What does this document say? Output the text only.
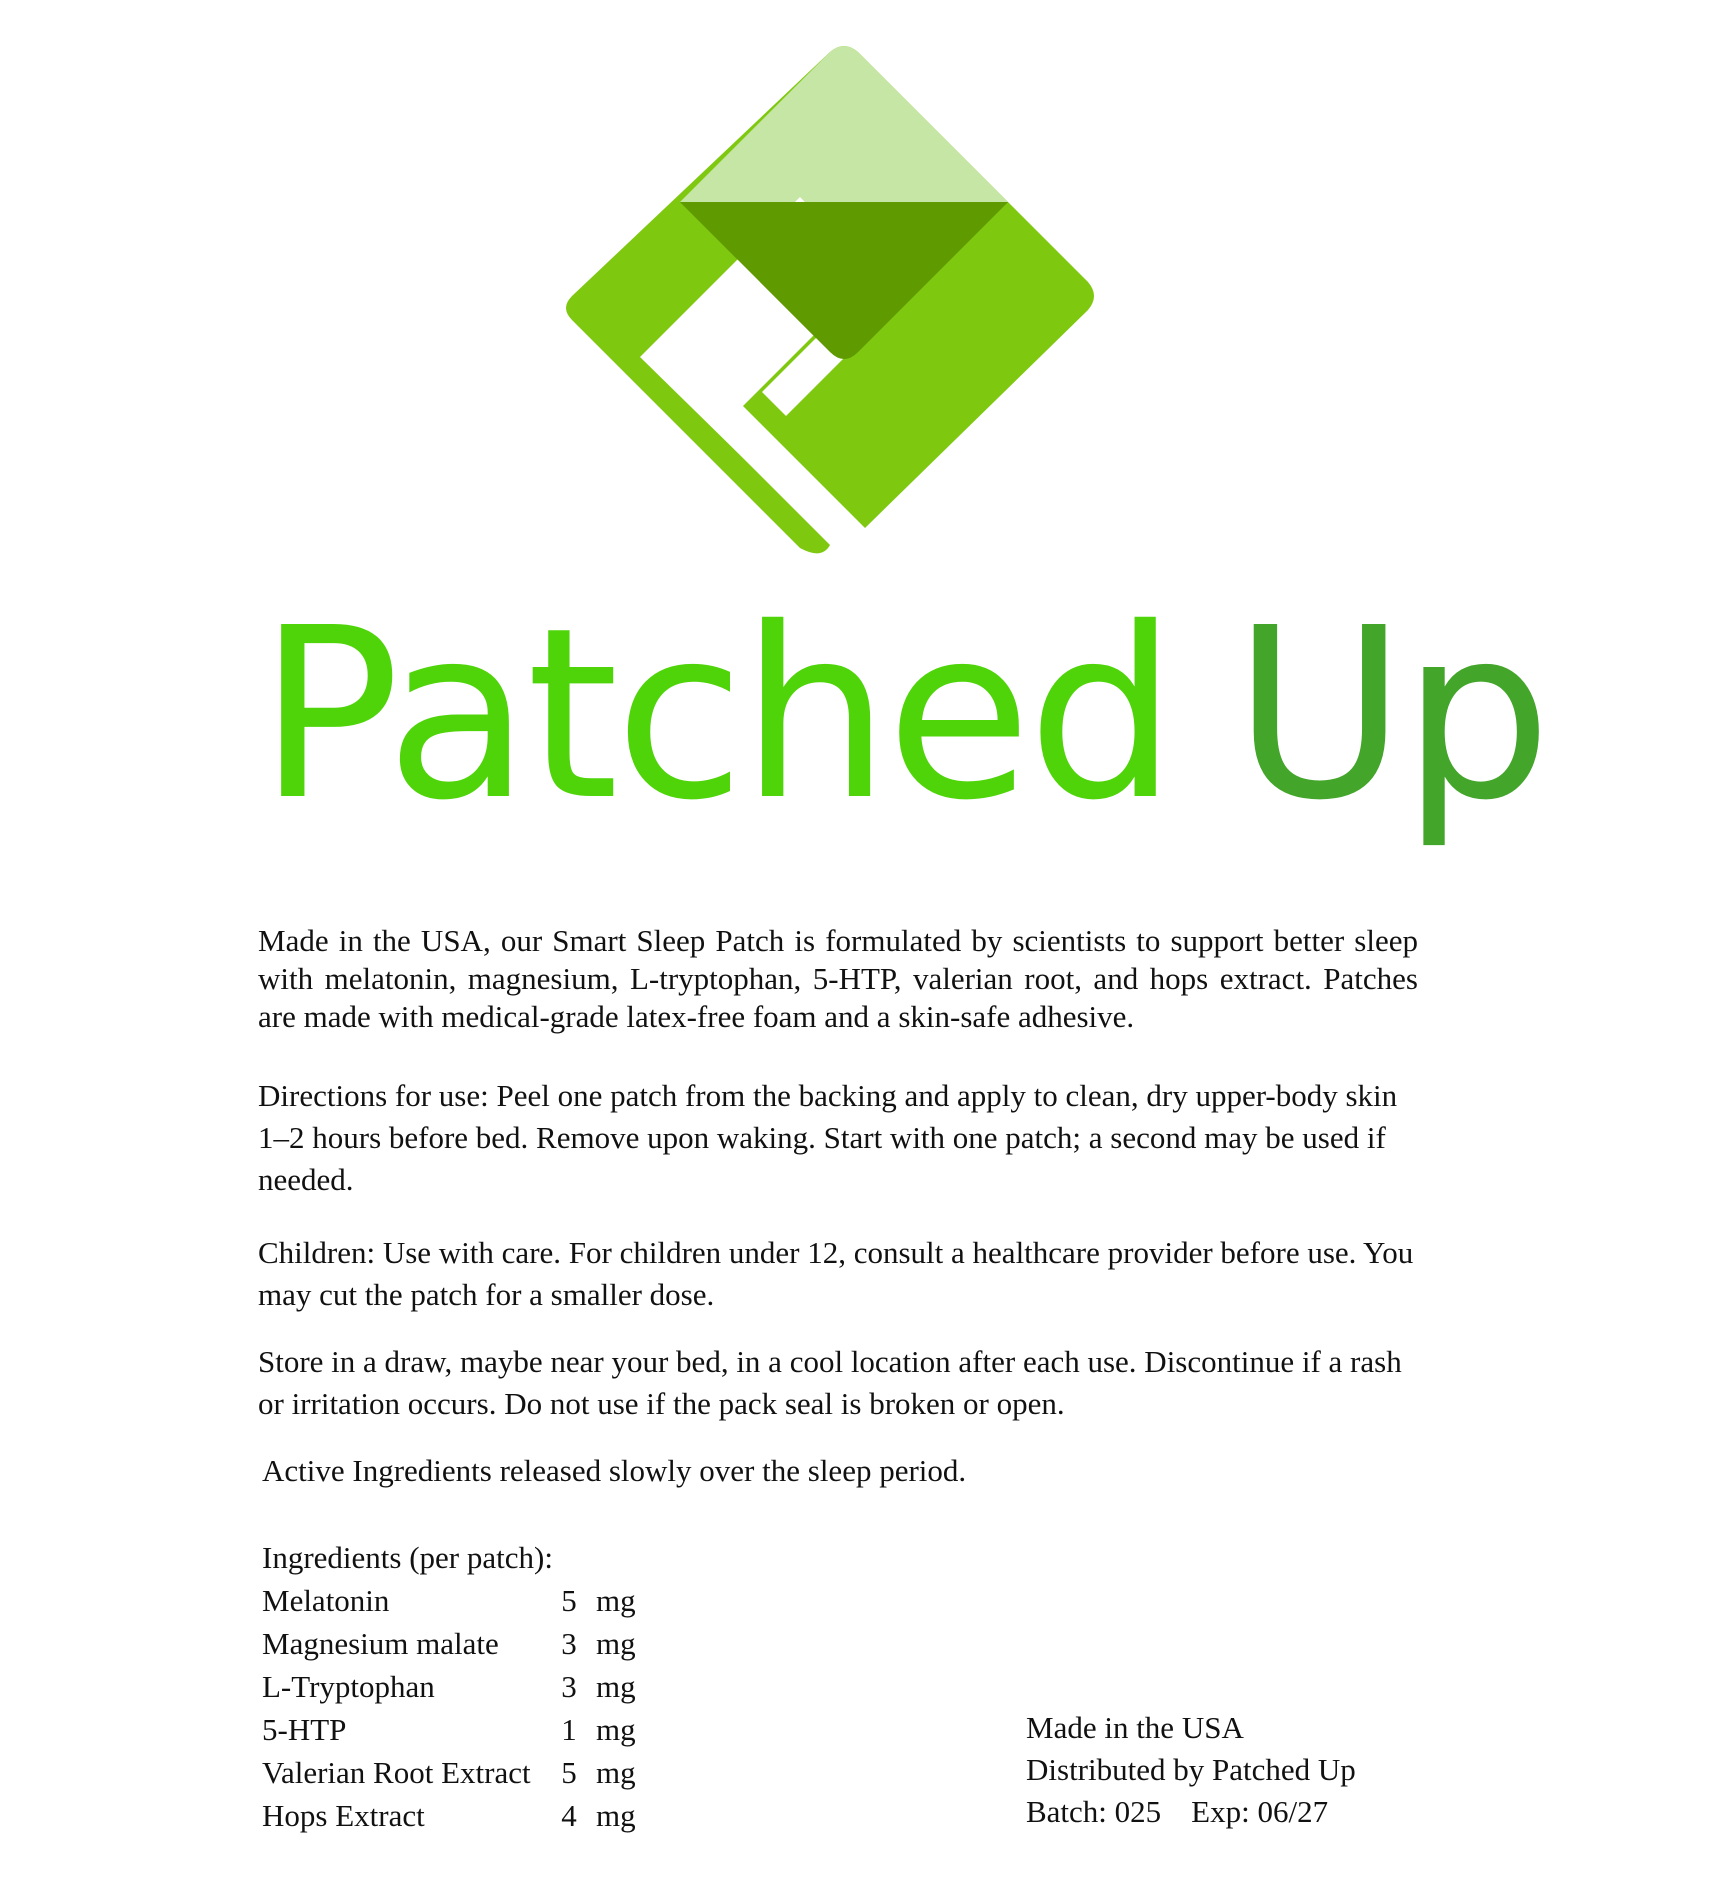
Patched Up

Made in the USA, our Smart Sleep Patch is formulated by scientists to support better sleep with melatonin, magnesium, L-tryptophan, 5-HTP, valerian root, and hops extract. Patches are made with medical-grade latex-free foam and a skin-safe adhesive.

Directions for use: Peel one patch from the backing and apply to clean, dry upper-body skin 1–2 hours before bed. Remove upon waking. Start with one patch; a second may be used if needed.

Children: Use with care. For children under 12, consult a healthcare provider before use. You may cut the patch for a smaller dose.

Store in a draw, maybe near your bed, in a cool location after each use. Discontinue if a rash or irritation occurs. Do not use if the pack seal is broken or open.

Active Ingredients released slowly over the sleep period.

Ingredients (per patch):
Melatonin	5 mg
Magnesium malate	3 mg
L-Tryptophan	3 mg
5-HTP	1 mg
Valerian Root Extract 5 mg
Hops Extract	4 mg
Made in the USA
Distributed by Patched Up
Batch: 025 Exp: 06/27
